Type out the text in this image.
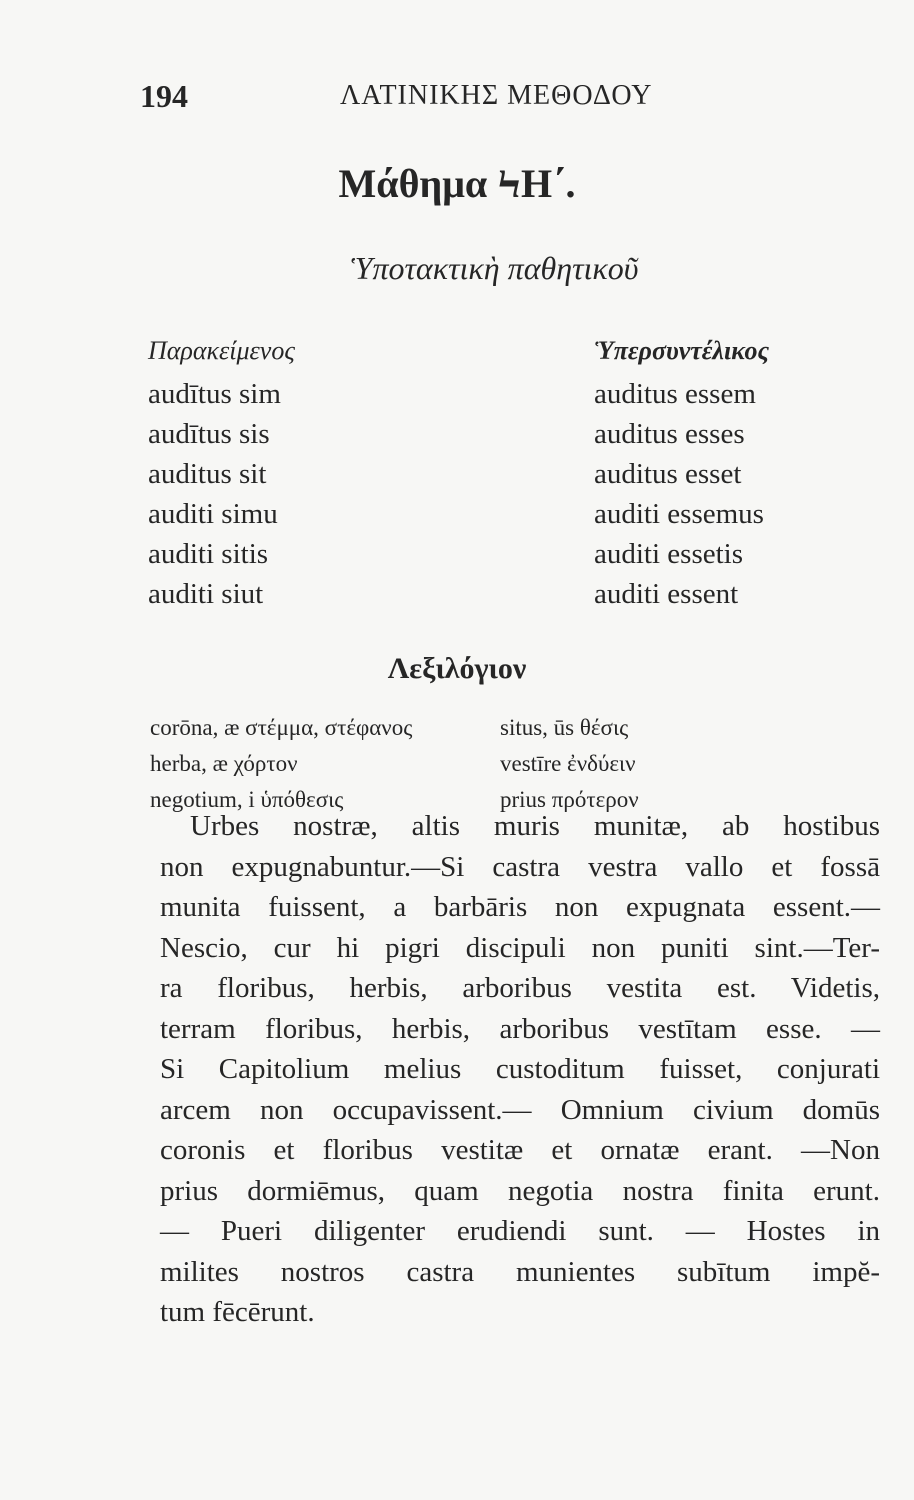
194	ΛΑΤΙΝΙΚΗΣ ΜΕΘΟΔΟΥ
Μάθημα ϞΗ΄.
Ὑποτακτικὴ παθητικοῦ
Παρακείμενος
audītus sim
audītus sis
auditus sit
auditi simu
auditi sitis
auditi siut
Ὑπερσυντέλικος
auditus essem
auditus esses
auditus esset
auditi essemus
auditi essetis
auditi essent
Λεξιλόγιον
corōna, æ στέμμα, στέφανος
herba, æ χόρτον
negotium, i ὑπόθεσις
situs, ūs θέσις
vestīre ἐνδύειν
prius πρότερον

Urbes nostræ, altis muris munitæ, ab hostibus
non expugnabuntur.—Si castra vestra vallo et fossā
munita fuissent, a barbāris non expugnata essent.—
Nescio, cur hi pigri discipuli non puniti sint.—Ter-
ra floribus, herbis, arboribus vestita est. Videtis,
terram floribus, herbis, arboribus vestītam esse. —
Si Capitolium melius custoditum fuisset, conjurati
arcem non occupavissent.— Omnium civium domūs
coronis et floribus vestitæ et ornatæ erant. —Non
prius dormiēmus, quam negotia nostra finita erunt.
— Pueri diligenter erudiendi sunt. — Hostes in
milites nostros castra munientes subītum impĕ-
tum fēcērunt.
